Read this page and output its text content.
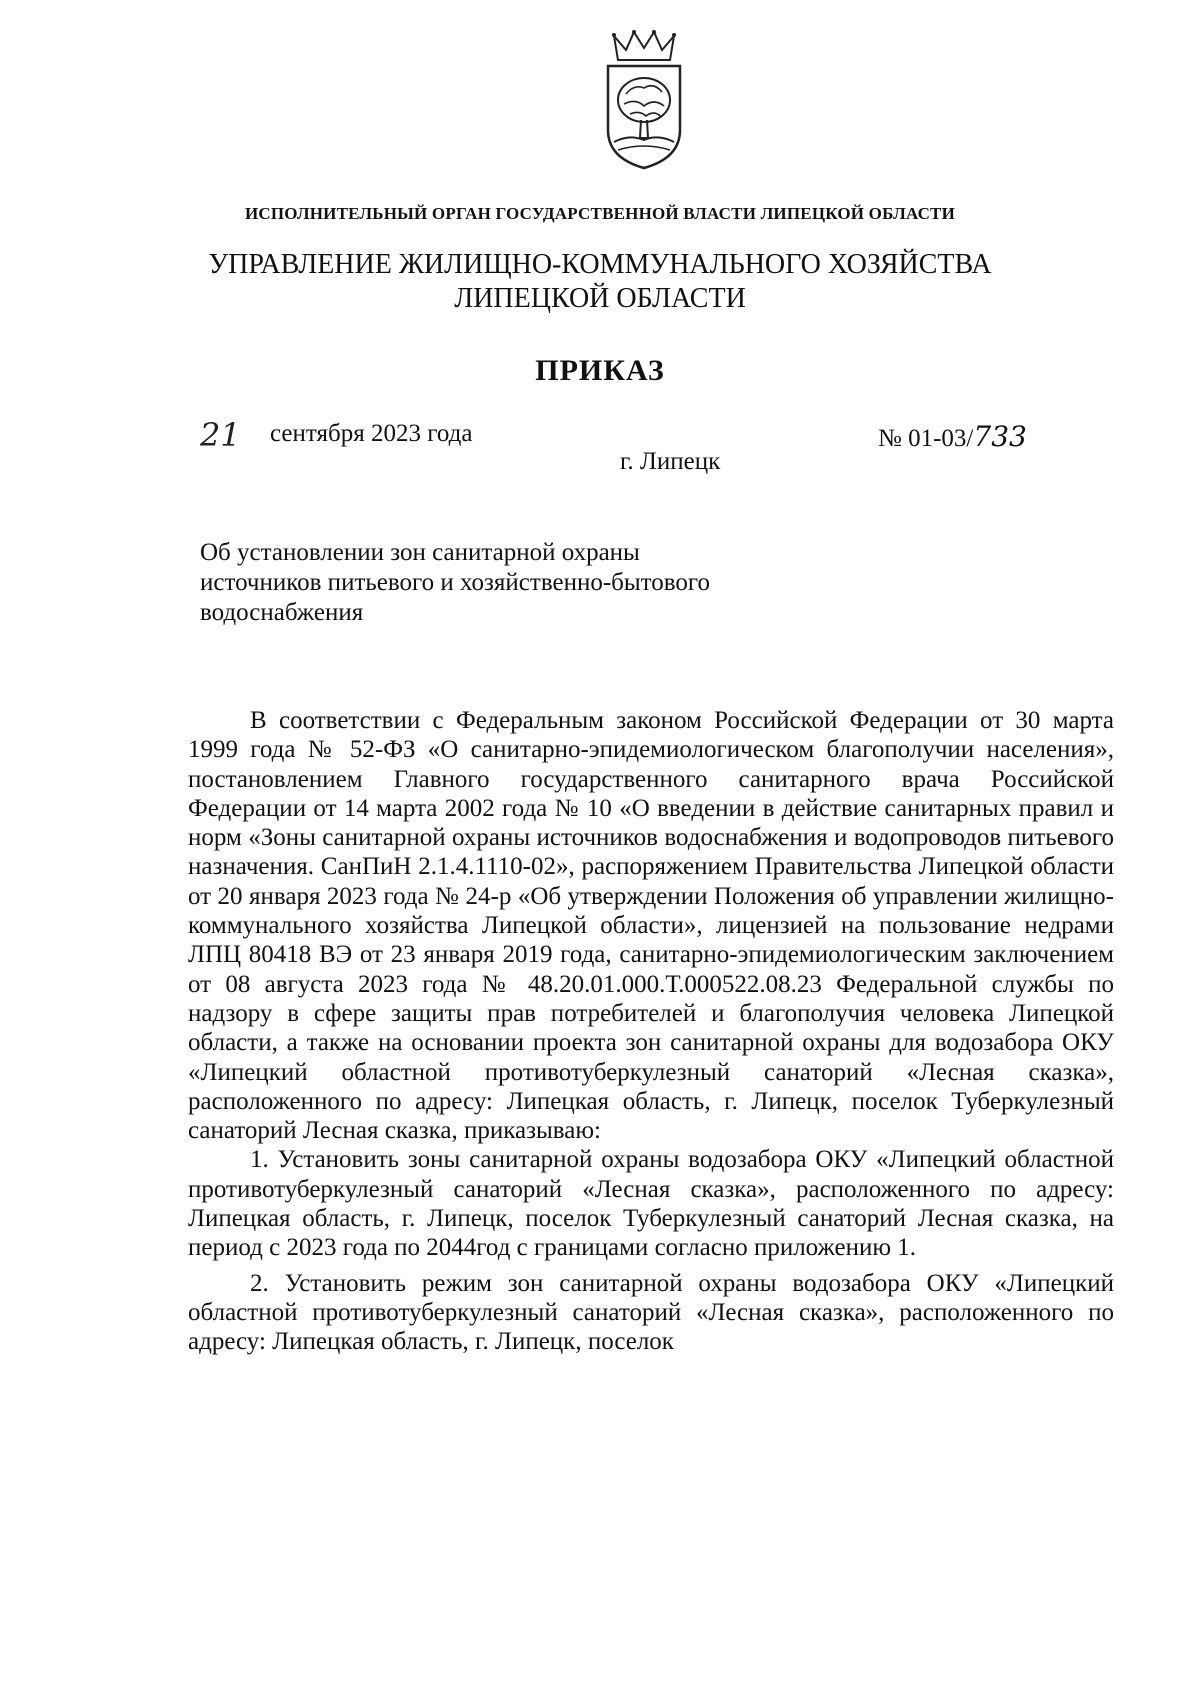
ИСПОЛНИТЕЛЬНЫЙ ОРГАН ГОСУДАРСТВЕННОЙ ВЛАСТИ ЛИПЕЦКОЙ ОБЛАСТИ
УПРАВЛЕНИЕ ЖИЛИЩНО-КОММУНАЛЬНОГО ХОЗЯЙСТВА
ЛИПЕЦКОЙ ОБЛАСТИ
ПРИКАЗ
21 сентября 2023 года
г. Липецк
№ 01-03/733
Об установлении зон санитарной охраны
источников питьевого и хозяйственно-бытового
водоснабжения

В соответствии с Федеральным законом Российской Федерации от 30 марта 1999 года № 52-ФЗ «О санитарно-эпидемиологическом благополучии населения», постановлением Главного государственного санитарного врача Российской Федерации от 14 марта 2002 года № 10 «О введении в действие санитарных правил и норм «Зоны санитарной охраны источников водоснабжения и водопроводов питьевого назначения. СанПиН 2.1.4.1110-02», распоряжением Правительства Липецкой области от 20 января 2023 года № 24-р «Об утверждении Положения об управлении жилищно-коммунального хозяйства Липецкой области», лицензией на пользование недрами ЛПЦ 80418 ВЭ от 23 января 2019 года, санитарно-эпидемиологическим заключением от 08 августа 2023 года № 48.20.01.000.Т.000522.08.23 Федеральной службы по надзору в сфере защиты прав потребителей и благополучия человека Липецкой области, а также на основании проекта зон санитарной охраны для водозабора ОКУ «Липецкий областной противотуберкулезный санаторий «Лесная сказка», расположенного по адресу: Липецкая область, г. Липецк, поселок Туберкулезный санаторий Лесная сказка, приказываю:

1. Установить зоны санитарной охраны водозабора ОКУ «Липецкий областной противотуберкулезный санаторий «Лесная сказка», расположенного по адресу: Липецкая область, г. Липецк, поселок Туберкулезный санаторий Лесная сказка, на период с 2023 года по 2044год с границами согласно приложению 1.

2. Установить режим зон санитарной охраны водозабора ОКУ «Липецкий областной противотуберкулезный санаторий «Лесная сказка», расположенного по адресу: Липецкая область, г. Липецк, поселок
